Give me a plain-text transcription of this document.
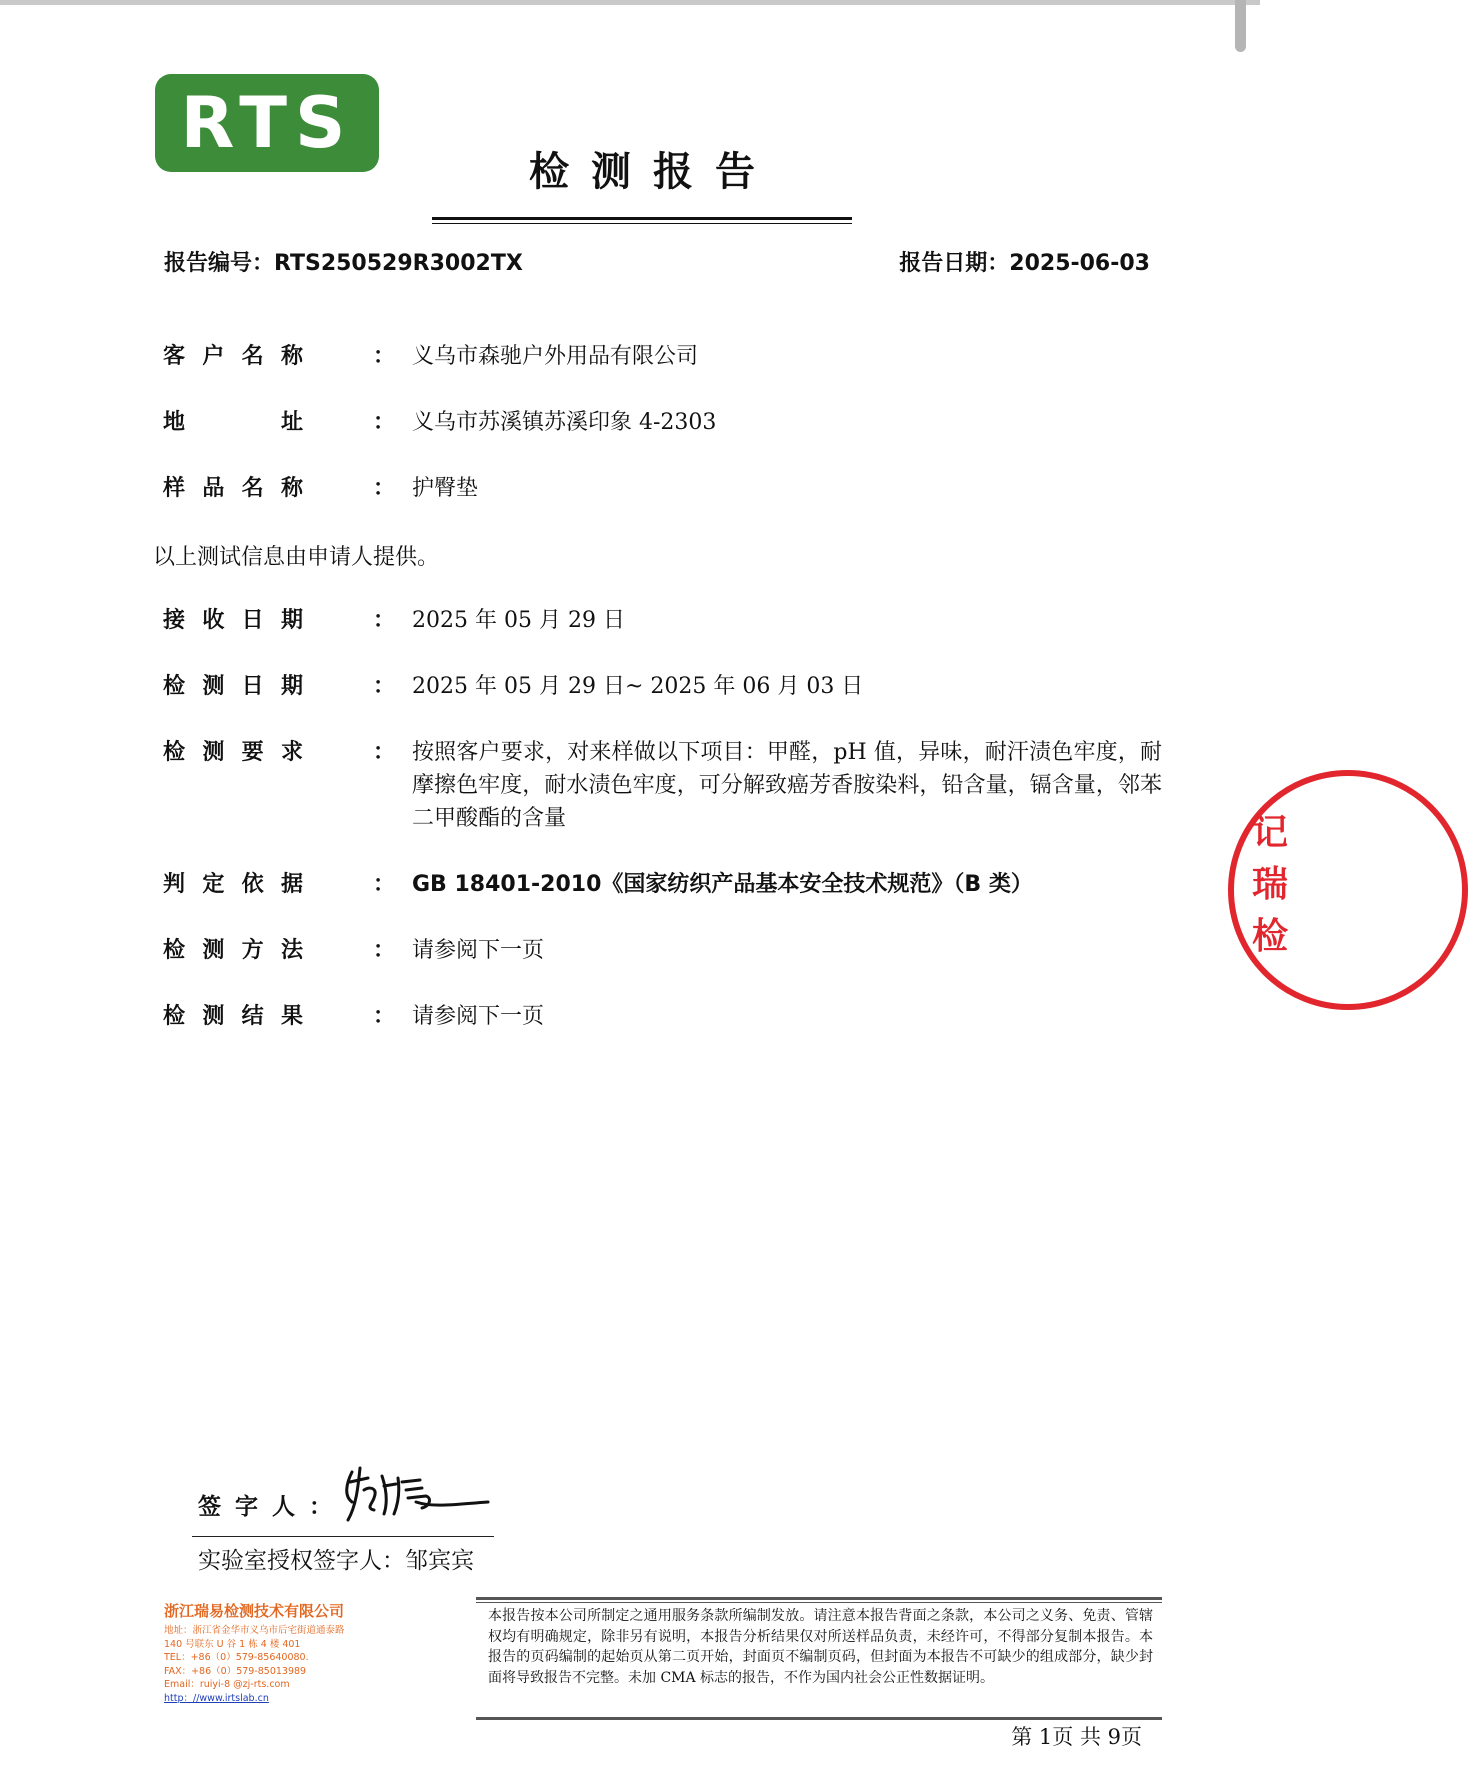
RTS
检测报告
报告编号：RTS250529R3002TX	报告日期：2025-06-03
客 户 名 称	： 义乌市森驰户外用品有限公司
地	址	： 义乌市苏溪镇苏溪印象 4-2303
样 品 名 称	： 护臀垫
以上测试信息由申请人提供。
接 收 日 期	： 2025 年 05 月 29 日
检 测 日 期	： 2025 年 05 月 29 日~ 2025 年 06 月 03 日
检 测 要 求	： 按照客户要求，对来样做以下项目：甲醛，pH 值，异味，耐汗渍色牢度，耐摩擦色牢度，耐水渍色牢度，可分解致癌芳香胺染料，铅含量，镉含量，邻苯二甲酸酯的含量
判 定 依 据	： GB 18401-2010《国家纺织产品基本安全技术规范》（B 类）
检 测 方 法	： 请参阅下一页
检 测 结 果	： 请参阅下一页
记
瑞
检
签字人：
实验室授权签字人：邹宾宾
浙江瑞易检测技术有限公司
地址：浙江省金华市义乌市后宅街道通泰路
140 号联东 U 谷 1 栋 4 楼 401
TEL：+86（0）579-85640080.
FAX：+86（0）579-85013989
Email：ruiyi-8 @zj-rts.com
http：//www.irtslab.cn
本报告按本公司所制定之通用服务条款所编制发放。请注意本报告背面之条款，本公司之义务、免责、管辖权均有明确规定，除非另有说明，本报告分析结果仅对所送样品负责，未经许可，不得部分复制本报告。本报告的页码编制的起始页从第二页开始，封面页不编制页码，但封面为本报告不可缺少的组成部分，缺少封面将导致报告不完整。未加 CMA 标志的报告，不作为国内社会公正性数据证明。
第 1页 共 9页
